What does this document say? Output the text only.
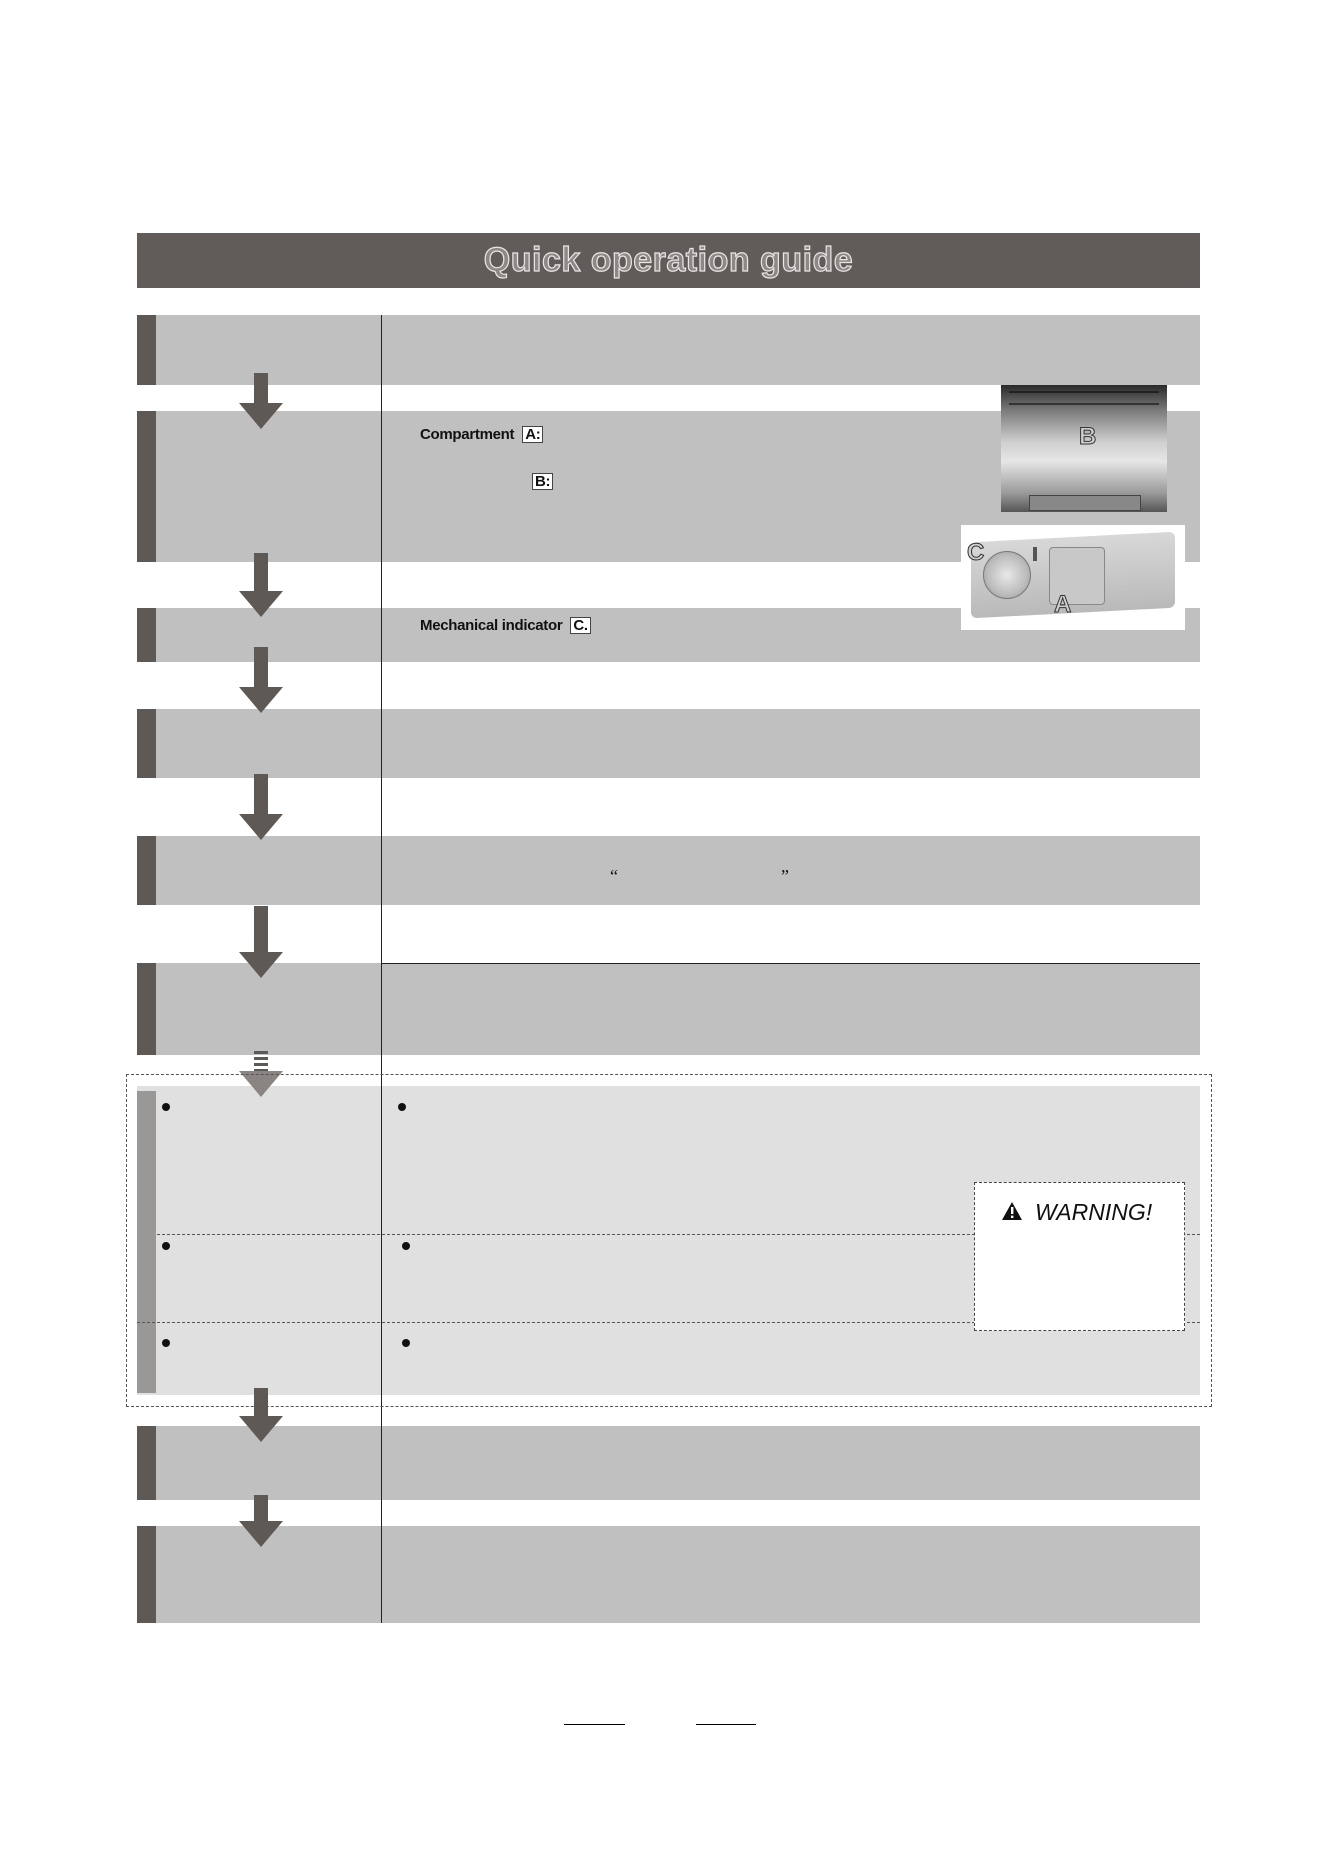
Quick operation guide
Compartment A:
B:
Mechanical indicator C.
B
C
A
“	”
WARNING!
